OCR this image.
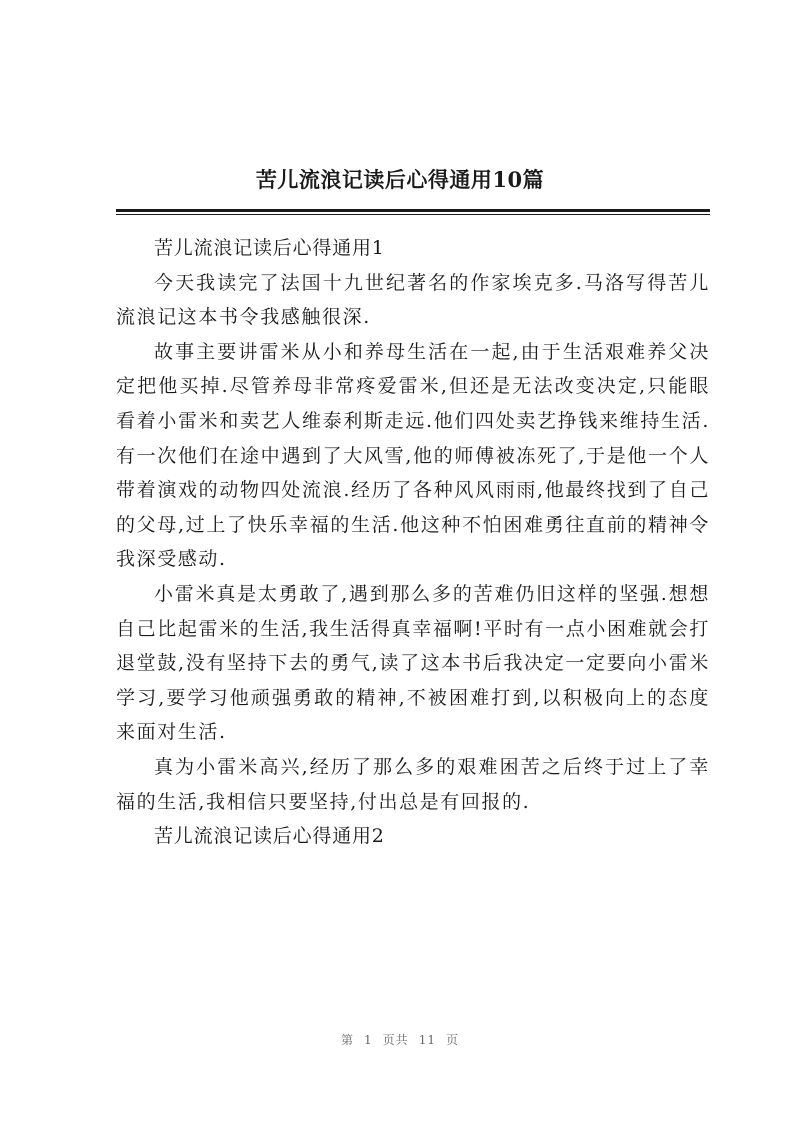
苦儿流浪记读后心得通用10篇

苦儿流浪记读后心得通用1

今天我读完了法国十九世纪著名的作家埃克多.马洛写得苦儿流浪记这本书令我感触很深.

故事主要讲雷米从小和养母生活在一起,由于生活艰难养父决定把他买掉.尽管养母非常疼爱雷米,但还是无法改变决定,只能眼看着小雷米和卖艺人维泰利斯走远.他们四处卖艺挣钱来维持生活.有一次他们在途中遇到了大风雪,他的师傅被冻死了,于是他一个人带着演戏的动物四处流浪.经历了各种风风雨雨,他最终找到了自己的父母,过上了快乐幸福的生活.他这种不怕困难勇往直前的精神令我深受感动.

小雷米真是太勇敢了,遇到那么多的苦难仍旧这样的坚强.想想自己比起雷米的生活,我生活得真幸福啊!平时有一点小困难就会打退堂鼓,没有坚持下去的勇气,读了这本书后我决定一定要向小雷米学习,要学习他顽强勇敢的精神,不被困难打到,以积极向上的态度来面对生活.

真为小雷米高兴,经历了那么多的艰难困苦之后终于过上了幸福的生活,我相信只要坚持,付出总是有回报的.

苦儿流浪记读后心得通用2

第 1 页共 11 页
